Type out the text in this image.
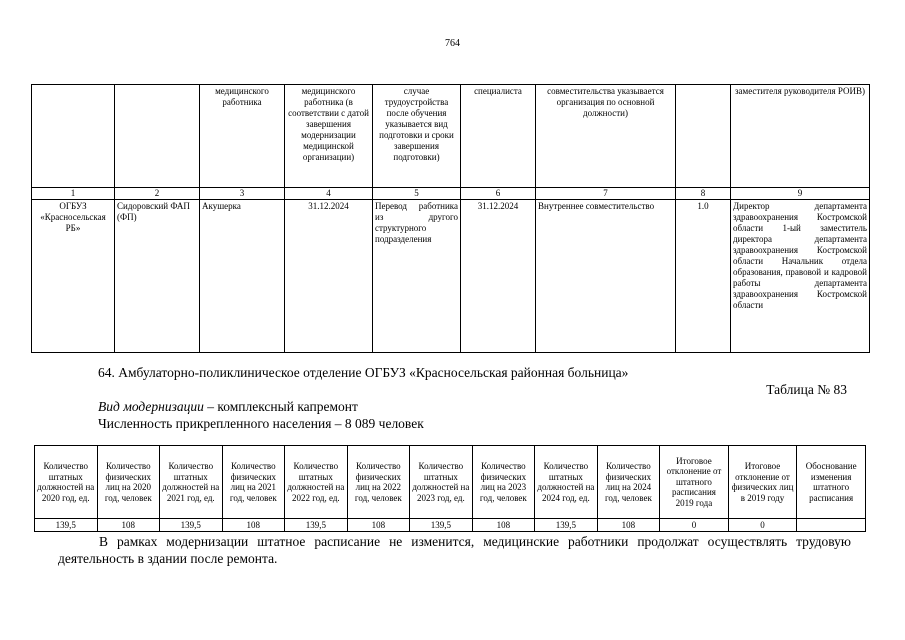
764
		медицинского работника	медицинского работника (в соответствии с датой завершения модернизации медицинской организации)	случае трудоустройства после обучения указывается вид подготовки и сроки завершения подготовки)	специалиста	совместительства указывается организация по основной должности)		заместителя руководителя РОИВ)
1	2	3	4	5	6	7	8	9
ОГБУЗ «Красносельская РБ»	Сидоровский ФАП (ФП)	Акушерка	31.12.2024	Перевод работника из другого структурного подразделения	31.12.2024	Внутреннее совместительство	1.0	Директор департамента здравоохранения Костромской области 1-ый заместитель директора департамента здравоохранения Костромской области Начальник отдела образования, правовой и кадровой работы департамента здравоохранения Костромской области
64. Амбулаторно-поликлиническое отделение ОГБУЗ «Красносельская районная больница»
Таблица № 83
Вид модернизации – комплексный капремонт
Численность прикрепленного населения – 8 089 человек
Количество штатных должностей на 2020 год, ед.	Количество физических лиц на 2020 год, человек	Количество штатных должностей на 2021 год, ед.	Количество физических лиц на 2021 год, человек	Количество штатных должностей на 2022 год, ед.	Количество физических лиц на 2022 год, человек	Количество штатных должностей на 2023 год, ед.	Количество физических лиц на 2023 год, человек	Количество штатных должностей на 2024 год, ед.	Количество физических лиц на 2024 год, человек	Итоговое отклонение от штатного расписания 2019 года	Итоговое отклонение от физических лиц в 2019 году	Обоснование изменения штатного расписания
139,5	108	139,5	108	139,5	108	139,5	108	139,5	108	0	0	
В рамках модернизации штатное расписание не изменится, медицинские работники продолжат осуществлять трудовую деятельность в здании после ремонта.
